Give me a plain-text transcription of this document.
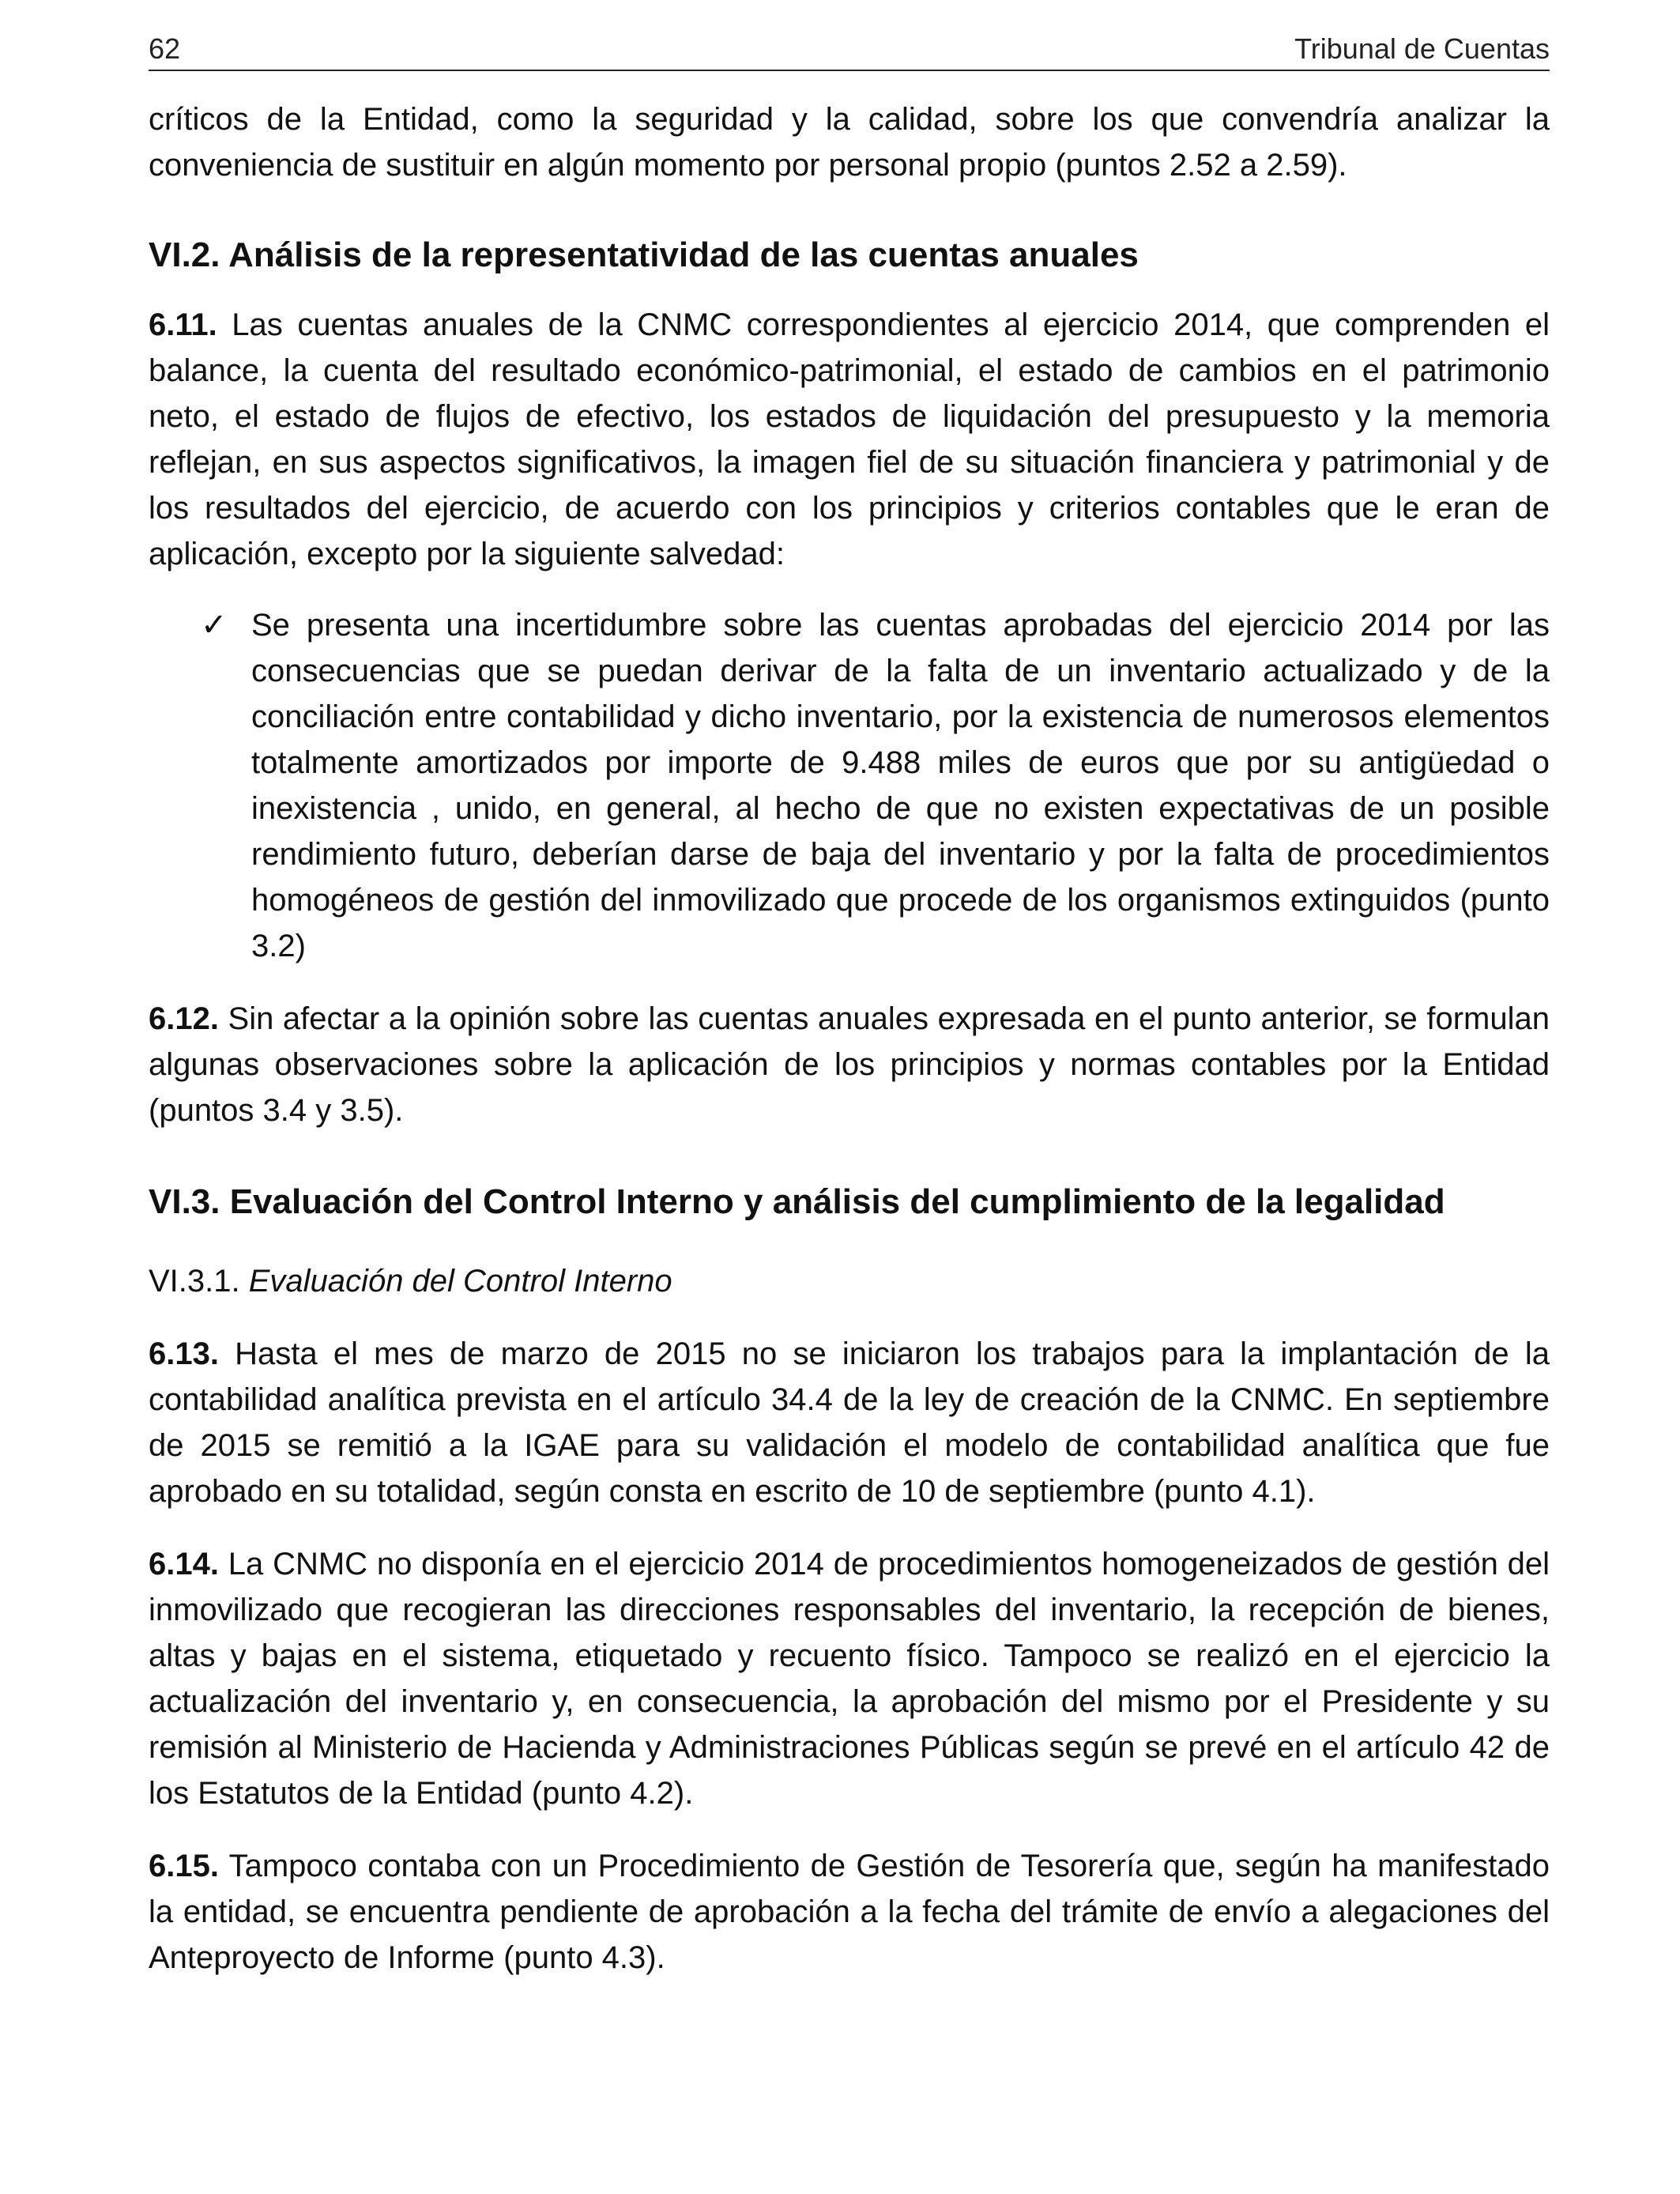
62	Tribunal de Cuentas

críticos de la Entidad, como la seguridad y la calidad, sobre los que convendría analizar la conveniencia de sustituir en algún momento por personal propio (puntos 2.52 a 2.59).

VI.2. Análisis de la representatividad de las cuentas anuales

6.11. Las cuentas anuales de la CNMC correspondientes al ejercicio 2014, que comprenden el balance, la cuenta del resultado económico-patrimonial, el estado de cambios en el patrimonio neto, el estado de flujos de efectivo, los estados de liquidación del presupuesto y la memoria reflejan, en sus aspectos significativos, la imagen fiel de su situación financiera y patrimonial y de los resultados del ejercicio, de acuerdo con los principios y criterios contables que le eran de aplicación, excepto por la siguiente salvedad:

✓ Se presenta una incertidumbre sobre las cuentas aprobadas del ejercicio 2014 por las consecuencias que se puedan derivar de la falta de un inventario actualizado y de la conciliación entre contabilidad y dicho inventario, por la existencia de numerosos elementos totalmente amortizados por importe de 9.488 miles de euros que por su antigüedad o inexistencia , unido, en general, al hecho de que no existen expectativas de un posible rendimiento futuro, deberían darse de baja del inventario y por la falta de procedimientos homogéneos de gestión del inmovilizado que procede de los organismos extinguidos (punto 3.2)

6.12. Sin afectar a la opinión sobre las cuentas anuales expresada en el punto anterior, se formulan algunas observaciones sobre la aplicación de los principios y normas contables por la Entidad (puntos 3.4 y 3.5).

VI.3. Evaluación del Control Interno y análisis del cumplimiento de la legalidad
VI.3.1. Evaluación del Control Interno

6.13. Hasta el mes de marzo de 2015 no se iniciaron los trabajos para la implantación de la contabilidad analítica prevista en el artículo 34.4 de la ley de creación de la CNMC. En septiembre de 2015 se remitió a la IGAE para su validación el modelo de contabilidad analítica que fue aprobado en su totalidad, según consta en escrito de 10 de septiembre (punto 4.1).

6.14. La CNMC no disponía en el ejercicio 2014 de procedimientos homogeneizados de gestión del inmovilizado que recogieran las direcciones responsables del inventario, la recepción de bienes, altas y bajas en el sistema, etiquetado y recuento físico. Tampoco se realizó en el ejercicio la actualización del inventario y, en consecuencia, la aprobación del mismo por el Presidente y su remisión al Ministerio de Hacienda y Administraciones Públicas según se prevé en el artículo 42 de los Estatutos de la Entidad (punto 4.2).

6.15. Tampoco contaba con un Procedimiento de Gestión de Tesorería que, según ha manifestado la entidad, se encuentra pendiente de aprobación a la fecha del trámite de envío a alegaciones del Anteproyecto de Informe (punto 4.3).
